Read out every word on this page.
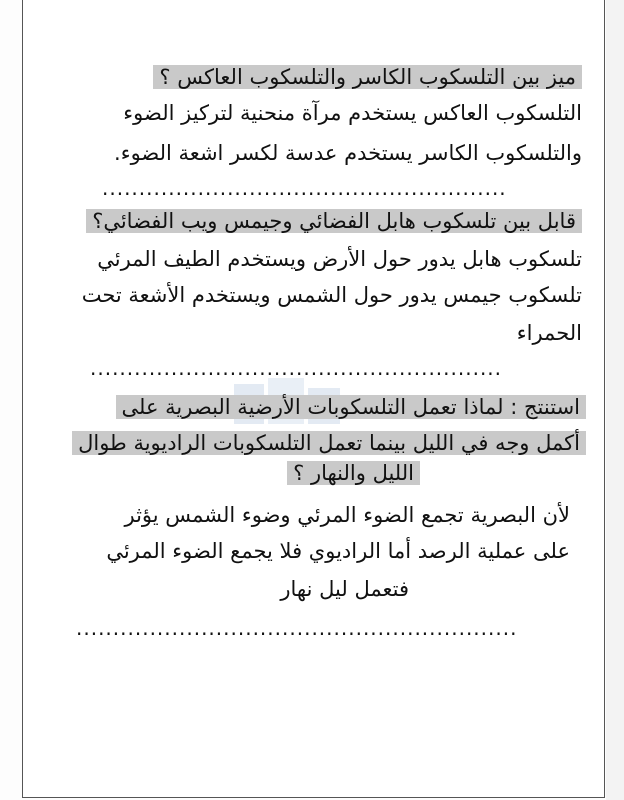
ميز بين التلسكوب الكاسر والتلسكوب العاكس ؟

التلسكوب العاكس يستخدم مرآة منحنية لتركيز الضوء

والتلسكوب الكاسر يستخدم عدسة لكسر اشعة الضوء.

.......................................................

قابل بين تلسكوب هابل الفضائي وجيمس ويب الفضائي؟

تلسكوب هابل يدور حول الأرض ويستخدم الطيف المرئي

تلسكوب جيمس يدور حول الشمس ويستخدم الأشعة تحت

الحمراء

........................................................

استنتج : لماذا تعمل التلسكوبات الأرضية البصرية على

أكمل وجه في الليل بينما تعمل التلسكوبات الراديوية طوال

الليل والنهار ؟

لأن البصرية تجمع الضوء المرئي وضوء الشمس يؤثر

على عملية الرصد أما الراديوي فلا يجمع الضوء المرئي

فتعمل ليل نهار

............................................................
